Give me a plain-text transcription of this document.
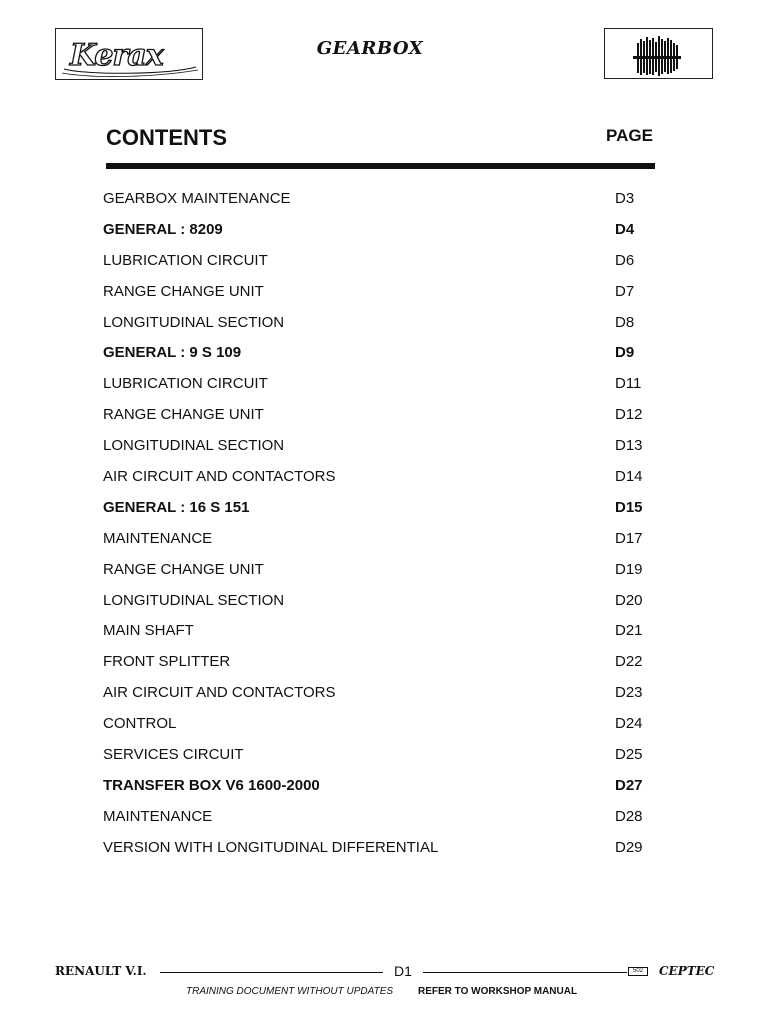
Kerax	GEARBOX
CONTENTS	PAGE
GEARBOX MAINTENANCE	D3
GENERAL : 8209	D4
LUBRICATION CIRCUIT	D6
RANGE CHANGE UNIT	D7
LONGITUDINAL SECTION	D8
GENERAL : 9 S 109	D9
LUBRICATION CIRCUIT	D11
RANGE CHANGE UNIT	D12
LONGITUDINAL SECTION	D13
AIR CIRCUIT AND CONTACTORS	D14
GENERAL : 16 S 151	D15
MAINTENANCE	D17
RANGE CHANGE UNIT	D19
LONGITUDINAL SECTION	D20
MAIN SHAFT	D21
FRONT SPLITTER	D22
AIR CIRCUIT AND CONTACTORS	D23
CONTROL	D24
SERVICES CIRCUIT	D25
TRANSFER BOX V6 1600-2000	D27
MAINTENANCE	D28
VERSION WITH LONGITUDINAL DIFFERENTIAL	D29
RENAULT V.I.	D1	502	CEPTEC
TRAINING DOCUMENT WITHOUT UPDATES REFER TO WORKSHOP MANUAL
